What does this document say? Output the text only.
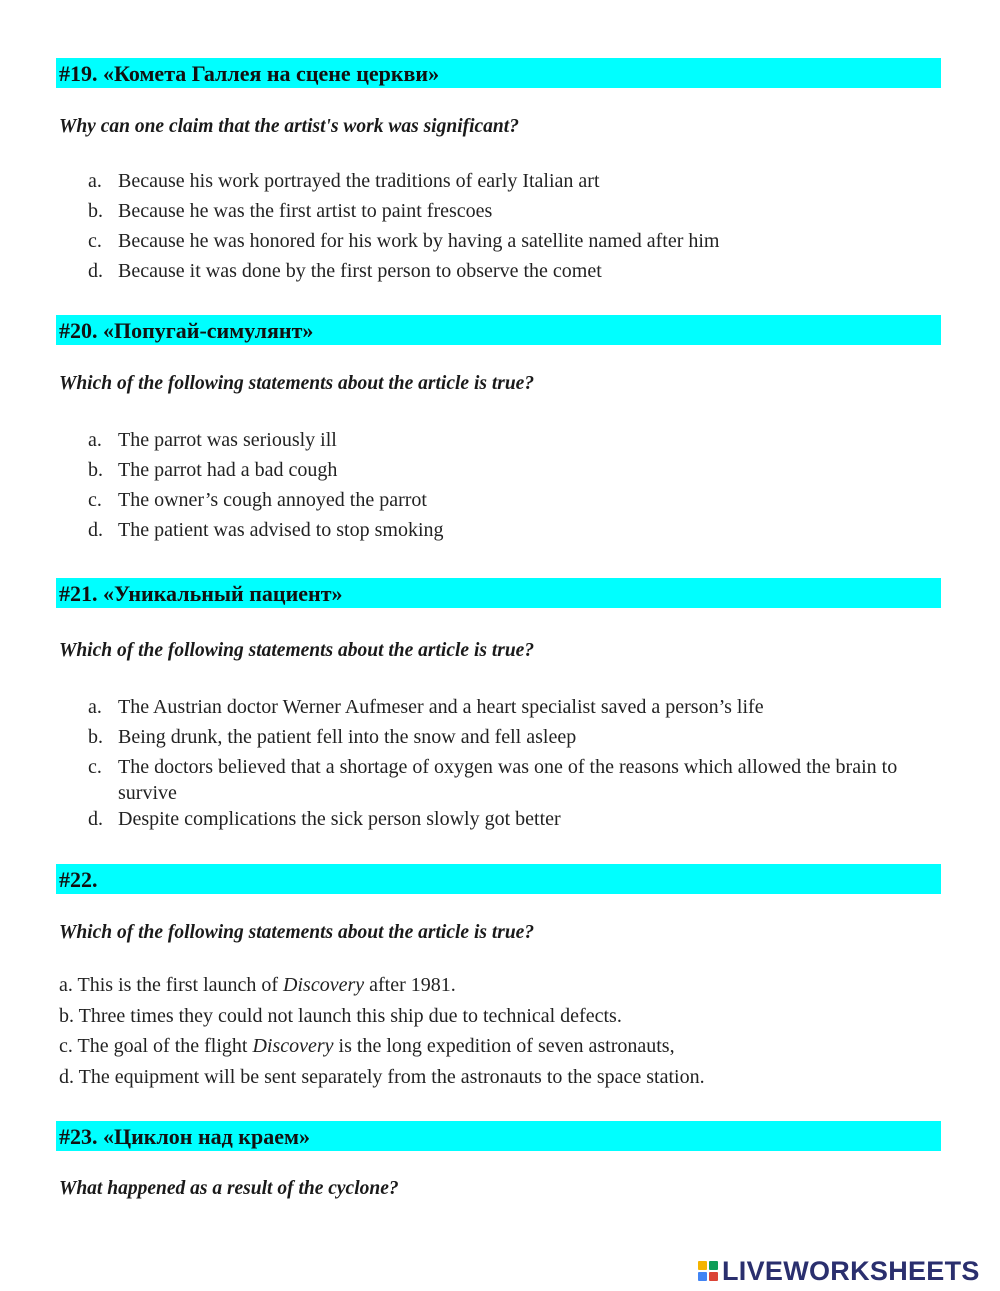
#19. «Комета Галлея на сцене церкви»
Why can one claim that the artist's work was significant?
a. Because his work portrayed the traditions of early Italian art
b. Because he was the first artist to paint frescoes
c. Because he was honored for his work by having a satellite named after him
d. Because it was done by the first person to observe the comet
#20. «Попугай-симулянт»
Which of the following statements about the article is true?
a. The parrot was seriously ill
b. The parrot had a bad cough
c. The owner’s cough annoyed the parrot
d. The patient was advised to stop smoking
#21. «Уникальный пациент»
Which of the following statements about the article is true?
a. The Austrian doctor Werner Aufmeser and a heart specialist saved a person’s life
b. Being drunk, the patient fell into the snow and fell asleep
c. The doctors believed that a shortage of oxygen was one of the reasons which allowed the brain to survive
d. Despite complications the sick person slowly got better
#22.
Which of the following statements about the article is true?
a. This is the first launch of Discovery after 1981.
b. Three times they could not launch this ship due to technical defects.
c. The goal of the flight Discovery is the long expedition of seven astronauts,
d. The equipment will be sent separately from the astronauts to the space station.
#23. «Циклон над краем»
What happened as a result of the cyclone?
LIVEWORKSHEETS
